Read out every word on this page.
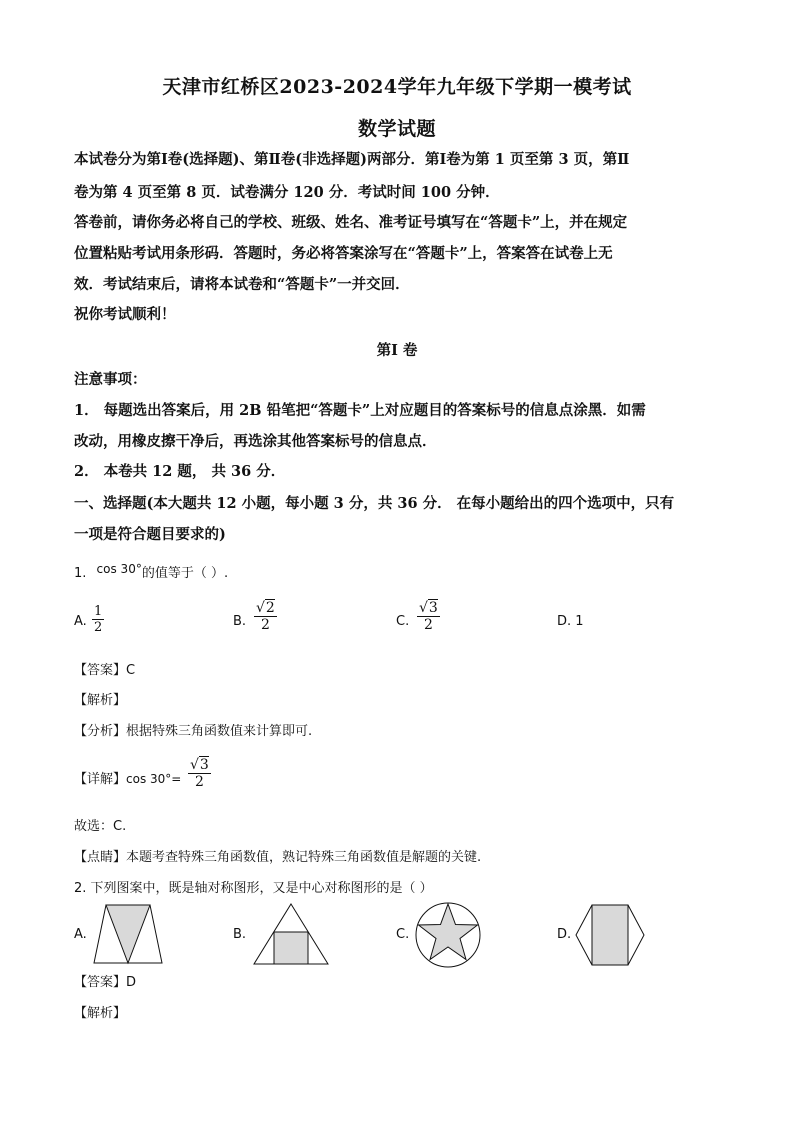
天津市红桥区2023-2024学年九年级下学期一模考试
数学试题
本试卷分为第Ⅰ卷(选择题)、第Ⅱ卷(非选择题)两部分．第Ⅰ卷为第 1 页至第 3 页，第Ⅱ
卷为第 4 页至第 8 页．试卷满分 120 分．考试时间 100 分钟．
答卷前，请你务必将自己的学校、班级、姓名、准考证号填写在“答题卡”上，并在规定
位置粘贴考试用条形码．答题时，务必将答案涂写在“答题卡”上，答案答在试卷上无
效．考试结束后，请将本试卷和“答题卡”一并交回．
祝你考试顺利！
第Ⅰ 卷
注意事项：
1． 每题选出答案后，用 2B 铅笔把“答题卡”上对应题目的答案标号的信息点涂黑．如需
改动，用橡皮擦干净后，再选涂其他答案标号的信息点．
2． 本卷共 12 题， 共 36 分．
一、选择题(本大题共 12 小题，每小题 3 分，共 36 分． 在每小题给出的四个选项中，只有
一项是符合题目要求的)
1. cos 30°的值等于（ ）.
A. $\frac{1}{2}$	B. $\frac{√2}{2}$	C. $\frac{√3}{2}$	D. 1
【答案】C
【解析】
【分析】根据特殊三角函数值来计算即可.
【详解】$\cos 30^\circ= \frac{√3}{2}$
故选：C.
【点睛】本题考查特殊三角函数值，熟记特殊三角函数值是解题的关键.
2. 下列图案中，既是轴对称图形，又是中心对称图形的是（ ）
A.	B.	C.	D.
【答案】D
【解析】
